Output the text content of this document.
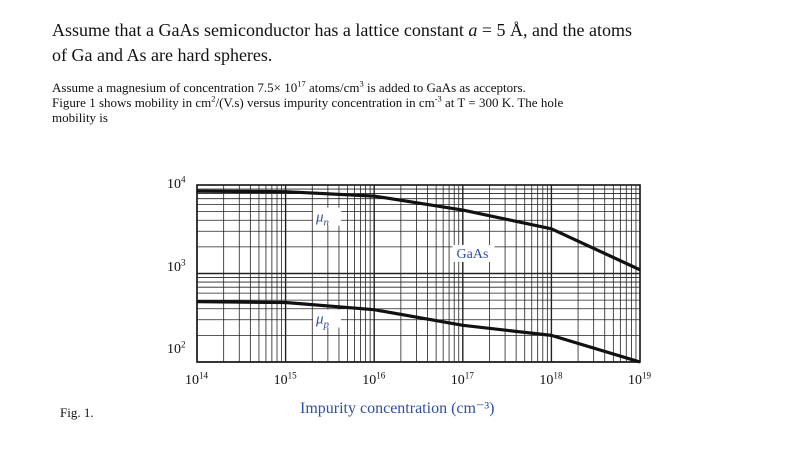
Assume that a GaAs semiconductor has a lattice constant a = 5 Å, and the atoms
of Ga and As are hard spheres.
Assume a magnesium of concentration $7.5\times 10^{17}$ atoms/$cm^3$ is added to GaAs as acceptors.
Figure 1 shows mobility in $cm^2/(V.s)$ versus impurity concentration in $cm^{-3}$ at T = 300 K. The hole
mobility is
$\mu_n$
$\mu_p$
GaAs
$10^4$
$10^3$
$10^2$
$10^{14}$	$10^{15}$	$10^{16}$	$10^{17}$	$10^{18}$	$10^{19}$
Impurity concentration (cm⁻³)
Fig. 1.
